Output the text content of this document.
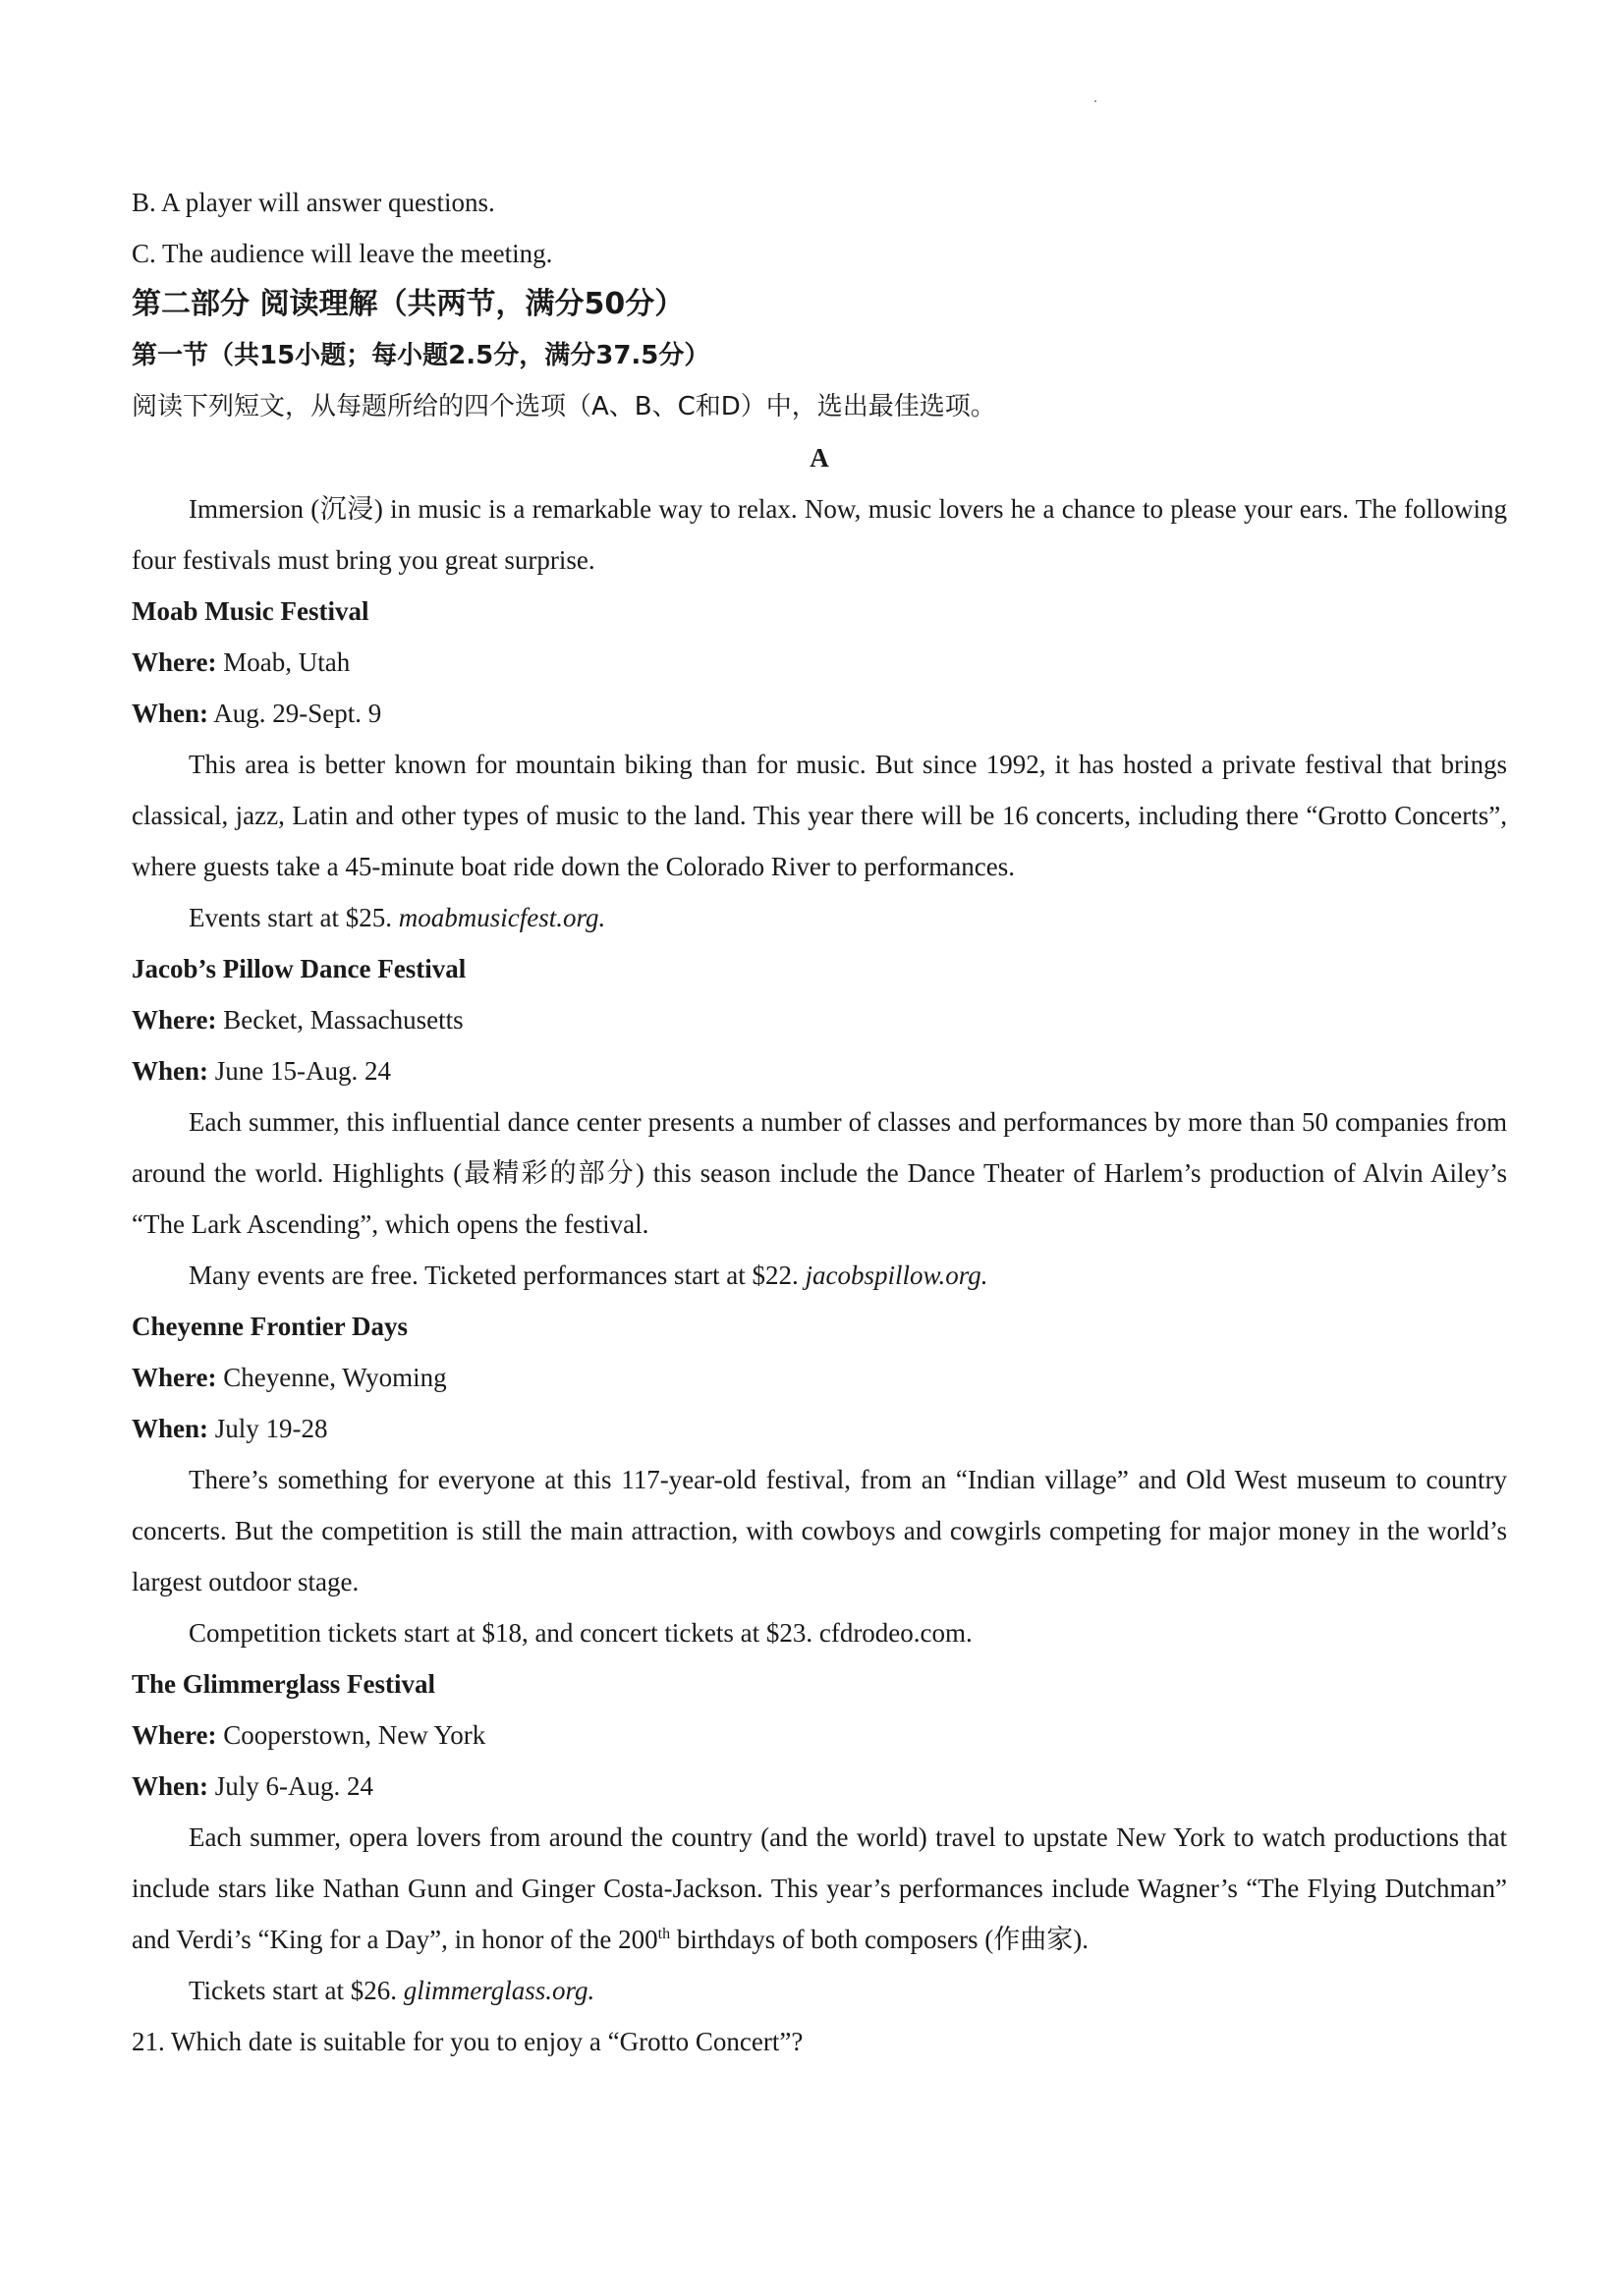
B. A player will answer questions.
C. The audience will leave the meeting.
第二部分 阅读理解（共两节，满分50分）
第一节（共15小题；每小题2.5分，满分37.5分）
阅读下列短文，从每题所给的四个选项（A、B、C和D）中，选出最佳选项。
A

Immersion (沉浸) in music is a remarkable way to relax. Now, music lovers he a chance to please your ears. The following four festivals must bring you great surprise.

Moab Music Festival
Where: Moab, Utah
When: Aug. 29-Sept. 9

This area is better known for mountain biking than for music. But since 1992, it has hosted a private festival that brings classical, jazz, Latin and other types of music to the land. This year there will be 16 concerts, including there “Grotto Concerts”, where guests take a 45-minute boat ride down the Colorado River to performances.

Events start at $25. moabmusicfest.org.
Jacob’s Pillow Dance Festival
Where: Becket, Massachusetts
When: June 15-Aug. 24

Each summer, this influential dance center presents a number of classes and performances by more than 50 companies from around the world. Highlights (最精彩的部分) this season include the Dance Theater of Harlem’s production of Alvin Ailey’s “The Lark Ascending”, which opens the festival.

Many events are free. Ticketed performances start at $22. jacobspillow.org.
Cheyenne Frontier Days
Where: Cheyenne, Wyoming
When: July 19-28

There’s something for everyone at this 117-year-old festival, from an “Indian village” and Old West museum to country concerts. But the competition is still the main attraction, with cowboys and cowgirls competing for major money in the world’s largest outdoor stage.

Competition tickets start at $18, and concert tickets at $23. cfdrodeo.com.
The Glimmerglass Festival
Where: Cooperstown, New York
When: July 6-Aug. 24

Each summer, opera lovers from around the country (and the world) travel to upstate New York to watch productions that include stars like Nathan Gunn and Ginger Costa-Jackson. This year’s performances include Wagner’s “The Flying Dutchman” and Verdi’s “King for a Day”, in honor of the 200th birthdays of both composers (作曲家).

Tickets start at $26. glimmerglass.org.
21. Which date is suitable for you to enjoy a “Grotto Concert”?
